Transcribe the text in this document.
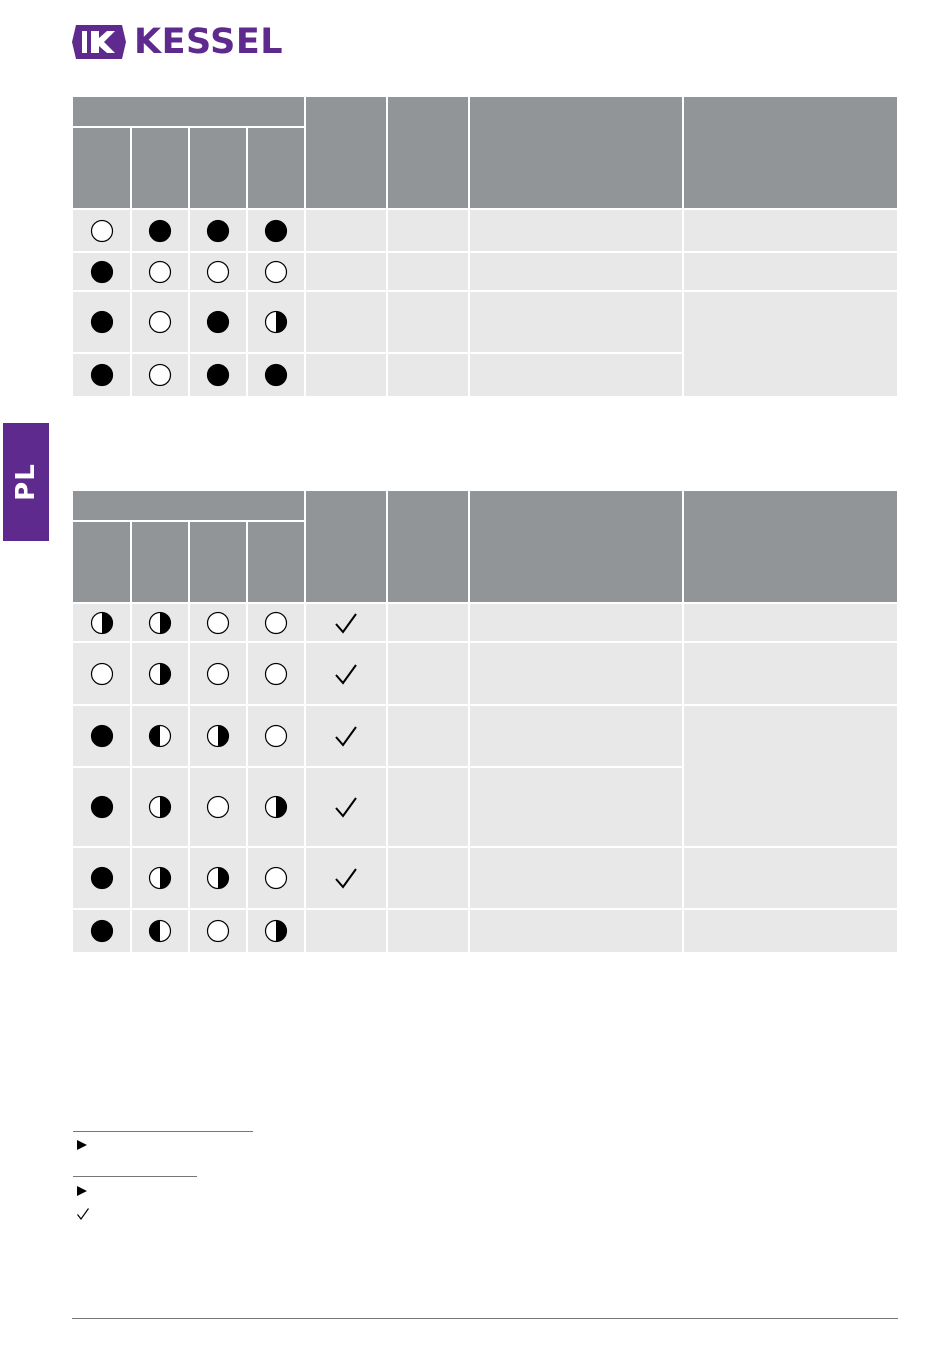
KESSEL
PL
